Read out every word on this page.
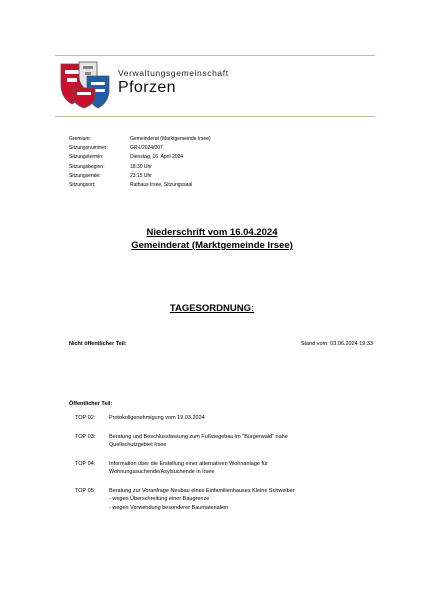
Verwaltungsgemeinschaft
Pforzen
Gremium:	Gemeinderat (Marktgemeinde Irsee)
Sitzungsnummer:	GR-I/2024/007
Sitzungstermin:	Dienstag, 16. April 2024
Sitzungsbeginn:	18:30 Uhr
Sitzungsende:	23:15 Uhr
Sitzungsort:	Rathaus Irsee, Sitzungssaal
Niederschrift vom 16.04.2024
Gemeinderat (Marktgemeinde Irsee)
TAGESORDNUNG:
Nicht öffentlicher Teil:	Stand vom: 03.06.2024 19:33
Öffentlicher Teil:
TOP 02:	Protokollgenehmigung vom 19.03.2024
TOP 03:	Beratung und Beschlussfassung zum Fußwegebau im "Bürgerwald" nahe
Quellschutzgebiet Irsee
TOP 04:	Information über die Erstellung einer alternativen Wohnanlage für
Wohnungssuchende/Asylsuchende in Irsee
TOP 05:	Beratung zur Voranfrage Neubau eines Einfamilienhauses Kleine Schweiber
- wegen Überschreitung einer Baugrenze
- wegen Verwendung besonderer Baumaterialien
